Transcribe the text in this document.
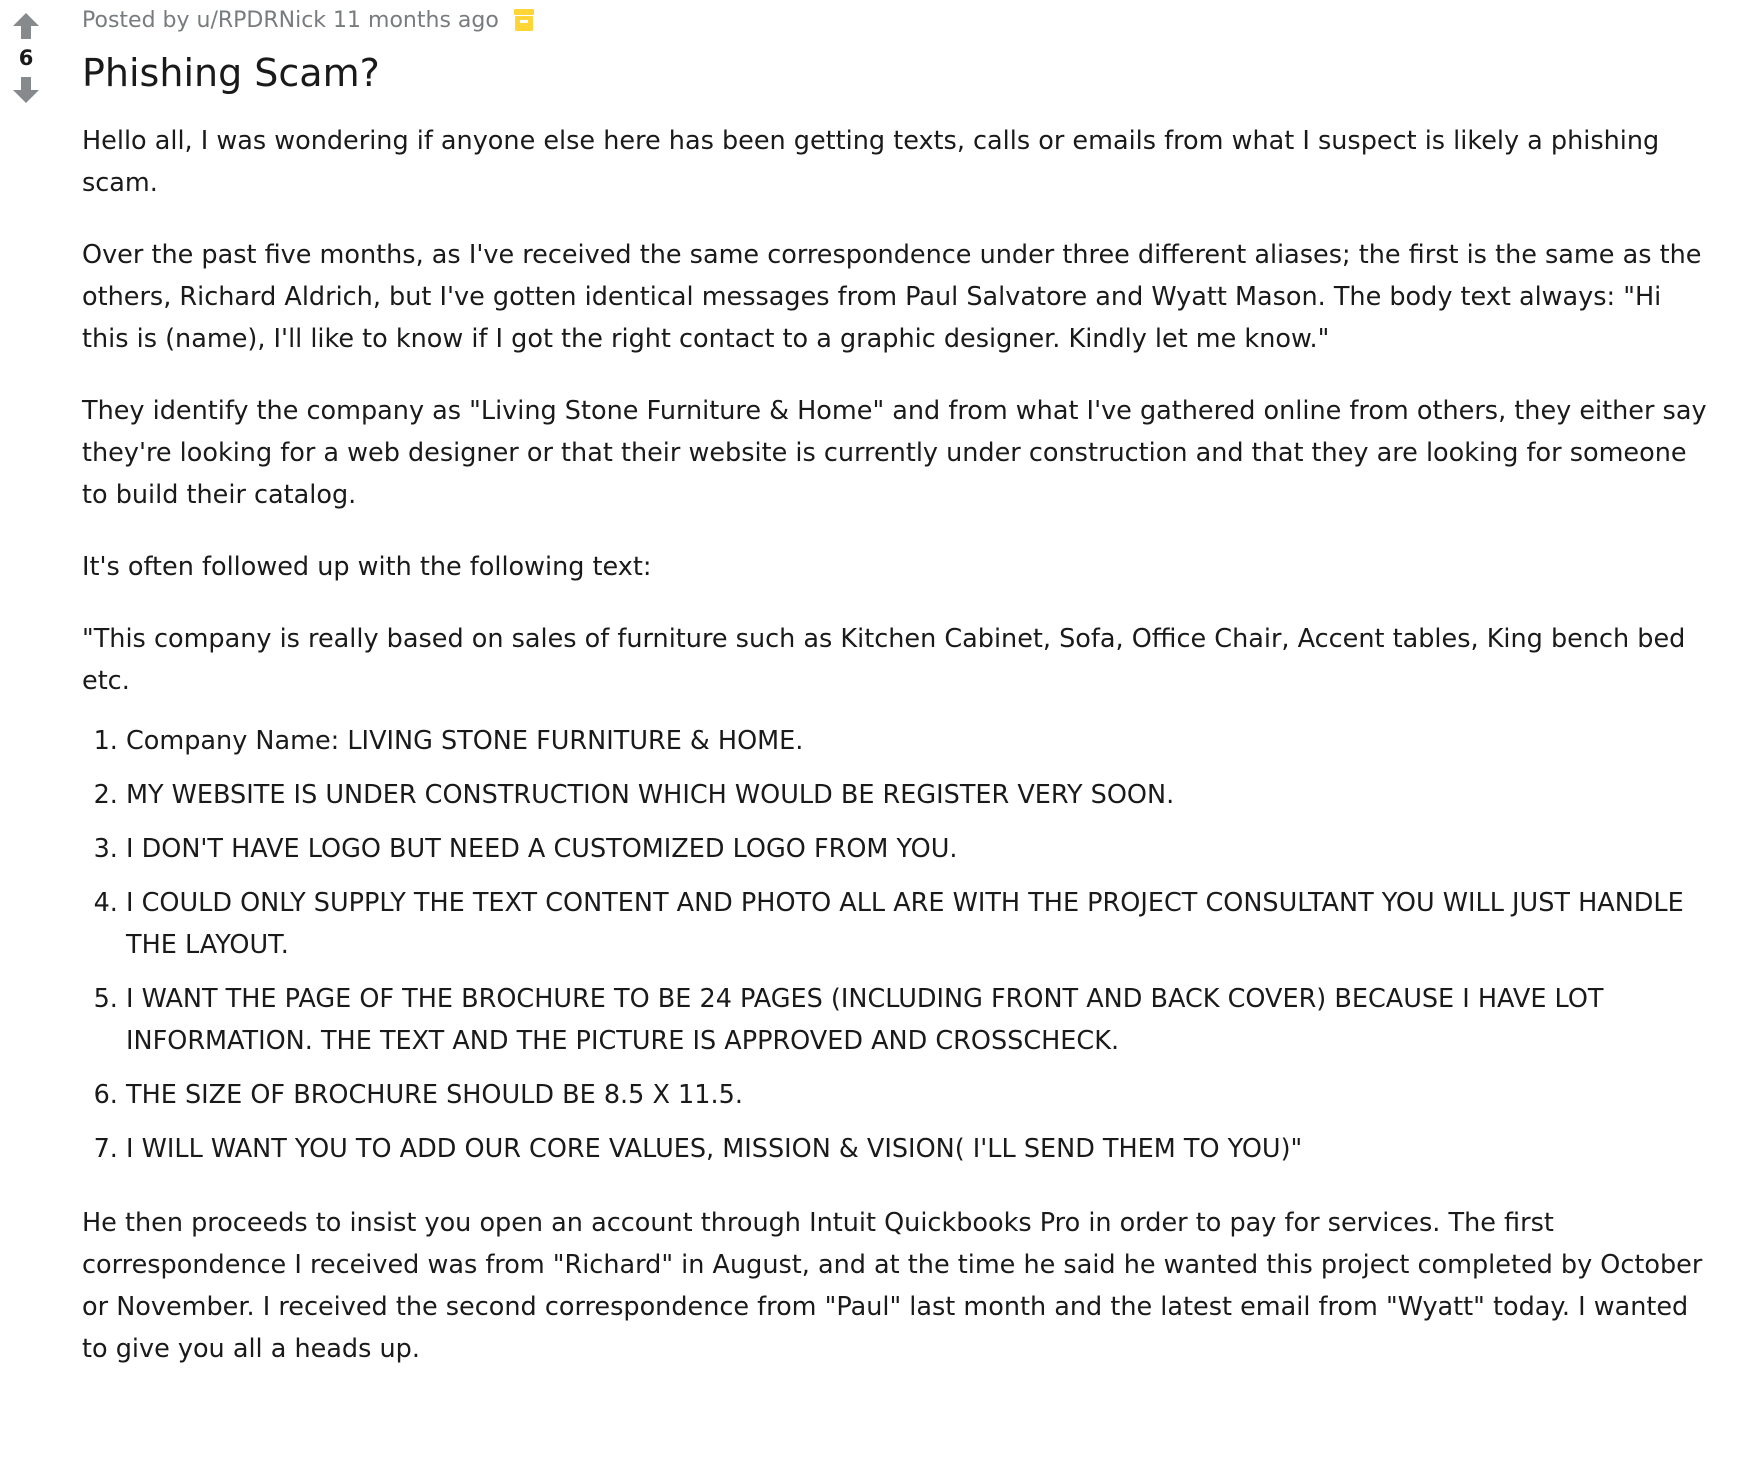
6
Posted by u/RPDRNick 11 months ago
Phishing Scam?

Hello all, I was wondering if anyone else here has been getting texts, calls or emails from what I suspect is likely a phishing scam.

Over the past five months, as I've received the same correspondence under three different aliases; the first is the same as the others, Richard Aldrich, but I've gotten identical messages from Paul Salvatore and Wyatt Mason. The body text always: "Hi this is (name), I'll like to know if I got the right contact to a graphic designer. Kindly let me know."

They identify the company as "Living Stone Furniture & Home" and from what I've gathered online from others, they either say they're looking for a web designer or that their website is currently under construction and that they are looking for someone to build their catalog.

It's often followed up with the following text:

"This company is really based on sales of furniture such as Kitchen Cabinet, Sofa, Office Chair, Accent tables, King bench bed etc.

1. Company Name: LIVING STONE FURNITURE & HOME.
2. MY WEBSITE IS UNDER CONSTRUCTION WHICH WOULD BE REGISTER VERY SOON.
3. I DON'T HAVE LOGO BUT NEED A CUSTOMIZED LOGO FROM YOU.
4. I COULD ONLY SUPPLY THE TEXT CONTENT AND PHOTO ALL ARE WITH THE PROJECT CONSULTANT YOU WILL JUST HANDLE THE LAYOUT.
5. I WANT THE PAGE OF THE BROCHURE TO BE 24 PAGES (INCLUDING FRONT AND BACK COVER) BECAUSE I HAVE LOT INFORMATION. THE TEXT AND THE PICTURE IS APPROVED AND CROSSCHECK.
6. THE SIZE OF BROCHURE SHOULD BE 8.5 X 11.5.
7. I WILL WANT YOU TO ADD OUR CORE VALUES, MISSION & VISION( I'LL SEND THEM TO YOU)"

He then proceeds to insist you open an account through Intuit Quickbooks Pro in order to pay for services. The first correspondence I received was from "Richard" in August, and at the time he said he wanted this project completed by October or November. I received the second correspondence from "Paul" last month and the latest email from "Wyatt" today. I wanted to give you all a heads up.
